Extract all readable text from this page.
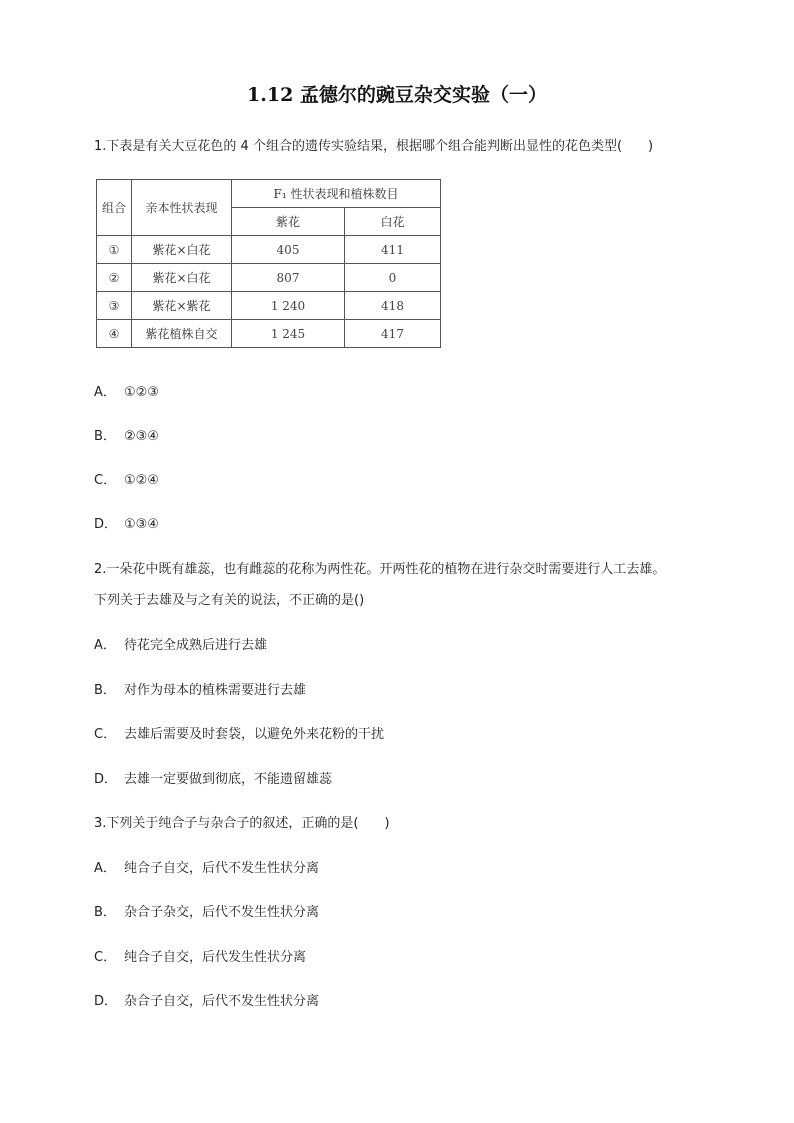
1.12 孟德尔的豌豆杂交实验（一）
1.下表是有关大豆花色的 4 个组合的遗传实验结果，根据哪个组合能判断出显性的花色类型(　　)
组合	亲本性状表现	F₁ 性状表现和植株数目	
		紫花	白花
①	紫花×白花	405	411
②	紫花×白花	807	0
③	紫花×紫花	1 240	418
④	紫花植株自交	1 245	417
A． ①②③
B． ②③④
C． ①②④
D． ①③④
2.一朵花中既有雄蕊，也有雌蕊的花称为两性花。开两性花的植物在进行杂交时需要进行人工去雄。
下列关于去雄及与之有关的说法，不正确的是()
A． 待花完全成熟后进行去雄
B． 对作为母本的植株需要进行去雄
C． 去雄后需要及时套袋，以避免外来花粉的干扰
D． 去雄一定要做到彻底，不能遗留雄蕊
3.下列关于纯合子与杂合子的叙述，正确的是(　　)
A． 纯合子自交，后代不发生性状分离
B． 杂合子杂交，后代不发生性状分离
C． 纯合子自交，后代发生性状分离
D． 杂合子自交，后代不发生性状分离
